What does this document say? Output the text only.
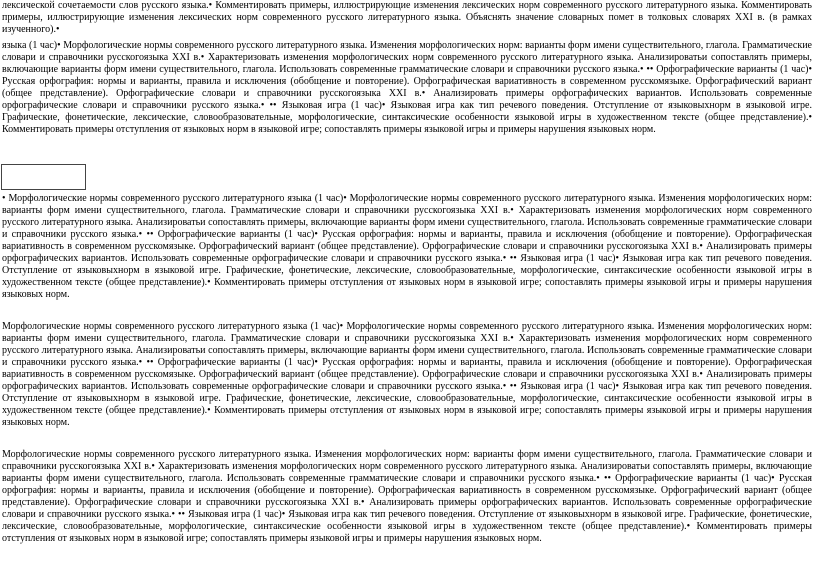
лексической сочетаемости слов русского языка.• Комментировать примеры, иллюстрирующие изменения лексических норм современного русского литературного языка. Комментировать примеры, иллюстрирующие изменения лексических норм современного русского литературного языка. Объяснять значение словарных помет в толковых словарях XXI в. (в рамках изученного).•

языка (1 час)• Морфологические нормы современного русского литературного языка. Изменения морфологических норм: варианты форм имени существительного, глагола. Грамматические словари и справочники русскогоязыка XXI в.• Характеризовать изменения морфологических норм современного русского литературного языка. Анализироватьи сопоставлять примеры, включающие варианты форм имени существительного, глагола. Использовать современные грамматические словари и справочники русского языка.• •• Орфографические варианты (1 час)• Русская орфография: нормы и варианты, правила и исключения (обобщение и повторение). Орфографическая вариативность в современном русскомязыке. Орфографический вариант (общее представление). Орфографические словари и справочники русскогоязыка XXI в.• Анализировать примеры орфографических вариантов. Использовать современные орфографические словари и справочники русского языка.• •• Языковая игра (1 час)• Языковая игра как тип речевого поведения. Отступление от языковыхнорм в языковой игре. Графические, фонетические, лексические, словообразовательные, морфологические, синтаксические особенности языковой игры в художественном тексте (общее представление).• Комментировать примеры отступления от языковых норм в языковой игре; сопоставлять примеры языковой игры и примеры нарушения языковых норм.

• Морфологические нормы современного русского литературного языка (1 час)• Морфологические нормы современного русского литературного языка. Изменения морфологических норм: варианты форм имени существительного, глагола. Грамматические словари и справочники русскогоязыка XXI в.• Характеризовать изменения морфологических норм современного русского литературного языка. Анализироватьи сопоставлять примеры, включающие варианты форм имени существительного, глагола. Использовать современные грамматические словари и справочники русского языка.• •• Орфографические варианты (1 час)• Русская орфография: нормы и варианты, правила и исключения (обобщение и повторение). Орфографическая вариативность в современном русскомязыке. Орфографический вариант (общее представление). Орфографические словари и справочники русскогоязыка XXI в.• Анализировать примеры орфографических вариантов. Использовать современные орфографические словари и справочники русского языка.• •• Языковая игра (1 час)• Языковая игра как тип речевого поведения. Отступление от языковыхнорм в языковой игре. Графические, фонетические, лексические, словообразовательные, морфологические, синтаксические особенности языковой игры в художественном тексте (общее представление).• Комментировать примеры отступления от языковых норм в языковой игре; сопоставлять примеры языковой игры и примеры нарушения языковых норм.

Морфологические нормы современного русского литературного языка (1 час)• Морфологические нормы современного русского литературного языка. Изменения морфологических норм: варианты форм имени существительного, глагола. Грамматические словари и справочники русскогоязыка XXI в.• Характеризовать изменения морфологических норм современного русского литературного языка. Анализироватьи сопоставлять примеры, включающие варианты форм имени существительного, глагола. Использовать современные грамматические словари и справочники русского языка.• •• Орфографические варианты (1 час)• Русская орфография: нормы и варианты, правила и исключения (обобщение и повторение). Орфографическая вариативность в современном русскомязыке. Орфографический вариант (общее представление). Орфографические словари и справочники русскогоязыка XXI в.• Анализировать примеры орфографических вариантов. Использовать современные орфографические словари и справочники русского языка.• •• Языковая игра (1 час)• Языковая игра как тип речевого поведения. Отступление от языковыхнорм в языковой игре. Графические, фонетические, лексические, словообразовательные, морфологические, синтаксические особенности языковой игры в художественном тексте (общее представление).• Комментировать примеры отступления от языковых норм в языковой игре; сопоставлять примеры языковой игры и примеры нарушения языковых норм.

Морфологические нормы современного русского литературного языка. Изменения морфологических норм: варианты форм имени существительного, глагола. Грамматические словари и справочники русскогоязыка XXI в.• Характеризовать изменения морфологических норм современного русского литературного языка. Анализироватьи сопоставлять примеры, включающие варианты форм имени существительного, глагола. Использовать современные грамматические словари и справочники русского языка.• •• Орфографические варианты (1 час)• Русская орфография: нормы и варианты, правила и исключения (обобщение и повторение). Орфографическая вариативность в современном русскомязыке. Орфографический вариант (общее представление). Орфографические словари и справочники русскогоязыка XXI в.• Анализировать примеры орфографических вариантов. Использовать современные орфографические словари и справочники русского языка.• •• Языковая игра (1 час)• Языковая игра как тип речевого поведения. Отступление от языковыхнорм в языковой игре. Графические, фонетические, лексические, словообразовательные, морфологические, синтаксические особенности языковой игры в художественном тексте (общее представление).• Комментировать примеры отступления от языковых норм в языковой игре; сопоставлять примеры языковой игры и примеры нарушения языковых норм.
